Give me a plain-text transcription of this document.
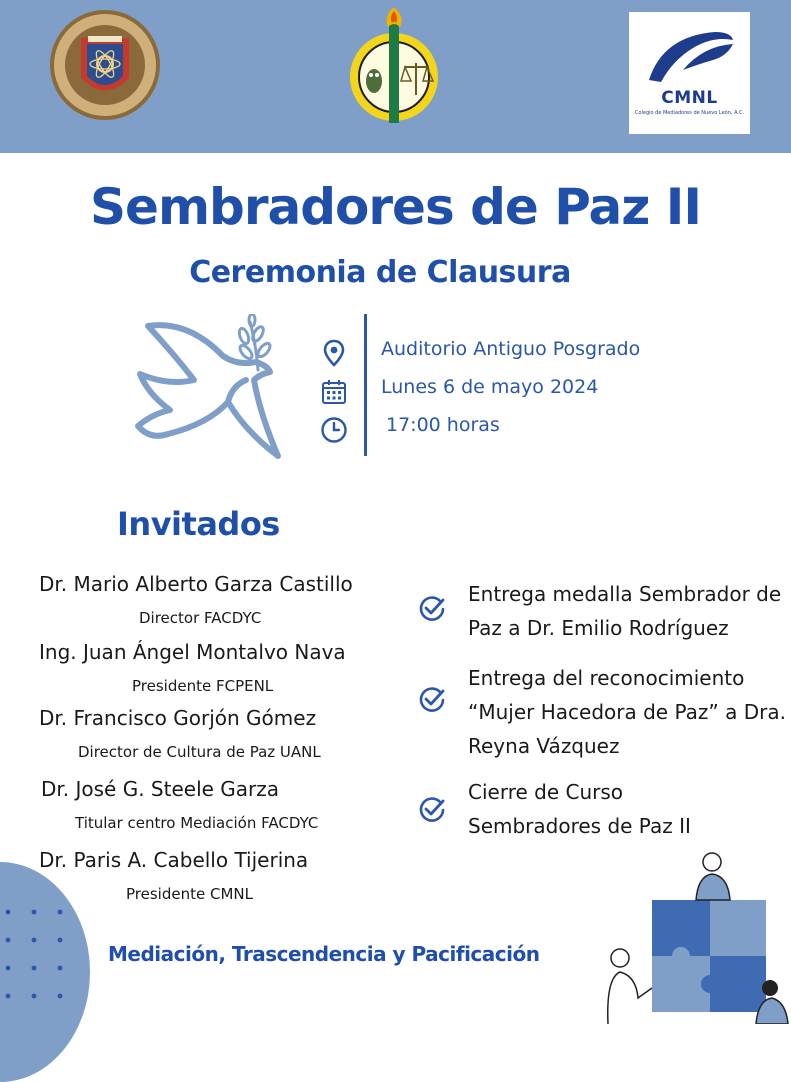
CMNL
Colegio de Mediadores de Nuevo León, A.C.
Sembradores de Paz II
Ceremonia de Clausura
Auditorio Antiguo Posgrado
Lunes 6 de mayo 2024
17:00 horas
Invitados
Dr. Mario Alberto Garza Castillo
Director FACDYC
Ing. Juan Ángel Montalvo Nava
Presidente FCPENL
Dr. Francisco Gorjón Gómez
Director de Cultura de Paz UANL
Dr. José G. Steele Garza
Titular centro Mediación FACDYC
Dr. Paris A. Cabello Tijerina
Presidente CMNL
Entrega medalla Sembrador de
Paz a Dr. Emilio Rodríguez
Entrega del reconocimiento
“Mujer Hacedora de Paz” a Dra.
Reyna Vázquez
Cierre de Curso
Sembradores de Paz II
Mediación, Trascendencia y Pacificación
